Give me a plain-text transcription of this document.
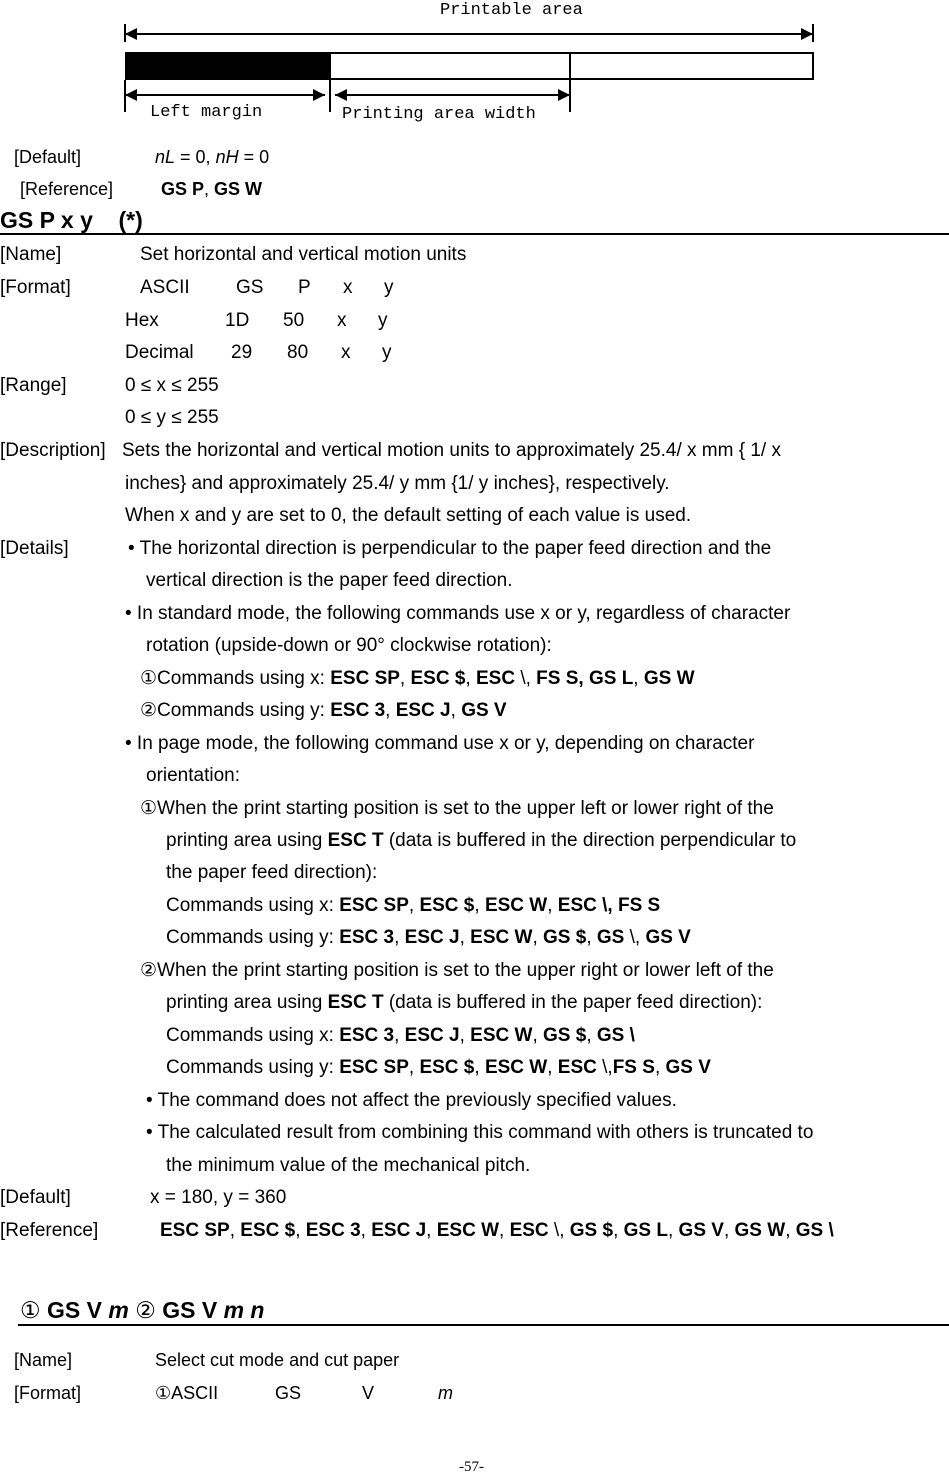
Printable area
Left margin	Printing area width
[Default]	nL = 0, nH = 0
[Reference]	GS P, GS W
GS P x y    (*)
[Name]	Set horizontal and vertical motion units
[Format]	ASCII GS P x y
Hex	1D 50 x y
Decimal 29 80 x y
[Range]	0 ≤ x ≤ 255
0 ≤ y ≤ 255
[Description] Sets the horizontal and vertical motion units to approximately 25.4/ x mm { 1/ x
inches} and approximately 25.4/ y mm {1/ y inches}, respectively.
When x and y are set to 0, the default setting of each value is used.
[Details]	• The horizontal direction is perpendicular to the paper feed direction and the
vertical direction is the paper feed direction.
• In standard mode, the following commands use x or y, regardless of character
rotation (upside-down or 90° clockwise rotation):
①Commands using x: ESC SP, ESC $, ESC \, FS S, GS L, GS W
②Commands using y: ESC 3, ESC J, GS V
• In page mode, the following command use x or y, depending on character
orientation:
①When the print starting position is set to the upper left or lower right of the
printing area using ESC T (data is buffered in the direction perpendicular to
the paper feed direction):
Commands using x: ESC SP, ESC $, ESC W, ESC \, FS S
Commands using y: ESC 3, ESC J, ESC W, GS $, GS \, GS V
②When the print starting position is set to the upper right or lower left of the
printing area using ESC T (data is buffered in the paper feed direction):
Commands using x: ESC 3, ESC J, ESC W, GS $, GS \
Commands using y: ESC SP, ESC $, ESC W, ESC \,FS S, GS V
• The command does not affect the previously specified values.
• The calculated result from combining this command with others is truncated to
the minimum value of the mechanical pitch.
[Default]	x = 180, y = 360
[Reference]	ESC SP, ESC $, ESC 3, ESC J, ESC W, ESC \, GS $, GS L, GS V, GS W, GS \
① GS V m ② GS V m n
[Name]	Select cut mode and cut paper
[Format]	①ASCII	GS	V	m
-57-
